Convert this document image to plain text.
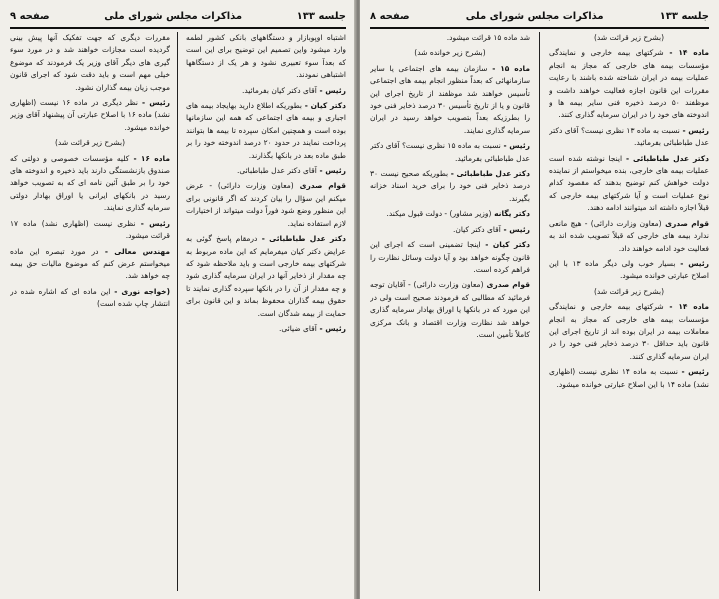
جلسه ۱۳۳
مذاکرات مجلس شورای ملی
صفحه ۹

اشتباه اوپوبازار و دستگاههای بانکی کشور لطمه وارد میشود واین تصمیم این توضیح برای این است که بعدآ سوء تعبیری نشود و هر یک از دستگاهها اشتباهی نمودند.

رئیس - آقای دکتر کیان بفرمائید.

دکتر کیان - بطوریکه اطلاع دارید بهایجاد بیمه های اجباری و بیمه های اجتماعی که همه این سازمانها بوده است و همچنین امکان سپرده تا بیمه ها بتوانند پرداخت نمایند در حدود ۲۰ درصد اندوخته خود را بر طبق ماده بعد در بانکها بگذارند.

رئیس - آقای دکتر عدل طباطبائی.

قوام صدری (معاون وزارت دارائی) - عرض میکنم این سؤال را بیان کردند که اگر قانونی برای این منظور وضع شود فوراً دولت میتواند از اختیارات لازم استفاده نماید.

دکتر عدل طباطبائی - درمقام پاسخ گوئی به عرایض دکتر کیان میفرمایم که این ماده مربوط به شرکتهای بیمه خارجی است و باید ملاحظه شود که چه مقدار از ذخایر آنها در ایران سرمایه گذاری شود و چه مقدار از آن را در بانکها سپرده گذاری نمایند تا حقوق بیمه گذاران محفوظ بماند و این قانون برای حمایت از بیمه شدگان است.

رئیس - آقای ضیائی.

مقررات دیگری که جهت تفکیک آنها پیش بینی گردیده است مجازات خواهند شد و در مورد سوء گیری های دیگر آقای وزیر یک فرمودند که موضوع خیلی مهم است و باید دقت شود که اجرای قانون موجب زیان بیمه گذاران نشود.

رئیس - نظر دیگری در ماده ۱۶ نیست (اظهاری نشد) ماده ۱۶ با اصلاح عبارتی آن پیشنهاد آقای وزیر خوانده میشود.

(بشرح زیر قرائت شد)

ماده ۱۶ - کلیه مؤسسات خصوصی و دولتی که صندوق بازنشستگی دارند باید ذخیره و اندوخته های خود را بر طبق آئین نامه ای که به تصویب خواهد رسید در بانکهای ایرانی یا اوراق بهادار دولتی سرمایه گذاری نمایند.

رئیس - نظری نیست (اظهاری نشد) ماده ۱۷ قرائت میشود.

مهندس معالی - در مورد تبصره این ماده میخواستم عرض کنم که موضوع مالیات حق بیمه چه خواهد شد.

(خواجه نوری - این ماده ای که اشاره شده در انتشار چاپ شده است)

جلسه ۱۳۳
مذاکرات مجلس شورای ملی
صفحه ۸

(بشرح زیر قرائت شد)

ماده ۱۴ - شرکتهای بیمه خارجی و نمایندگی مؤسسات بیمه های خارجی که مجاز به انجام عملیات بیمه در ایران شناخته شده باشند با رعایت مقررات این قانون اجازه فعالیت خواهند داشت و موظفند ۵۰ درصد ذخیره فنی سایر بیمه ها و اندوخته های خود را در ایران سرمایه گذاری کنند.

رئیس - نسبت به ماده ۱۳ نظری نیست؟ آقای دکتر عدل طباطبائی بفرمائید.

دکتر عدل طباطبائی - اینجا نوشته شده است عملیات بیمه های خارجی، بنده میخواستم از نماینده دولت خواهش کنم توضیح بدهند که مقصود کدام نوع عملیات است و آیا شرکتهای بیمه خارجی که قبلاً اجازه داشته اند میتوانند ادامه دهند.

قوام صدری (معاون وزارت دارائی) - هیچ مانعی ندارد بیمه های خارجی که قبلاً تصویب شده اند به فعالیت خود ادامه خواهند داد.

رئیس - بسیار خوب ولی دیگر ماده ۱۳ با این اصلاح عبارتی خوانده میشود.

(بشرح زیر قرائت شد)

ماده ۱۴ - شرکتهای بیمه خارجی و نمایندگی مؤسسات بیمه های خارجی که مجاز به انجام معاملات بیمه در ایران بوده اند از تاریخ اجرای این قانون باید حداقل ۳۰ درصد ذخایر فنی خود را در ایران سرمایه گذاری کنند.

رئیس - نسبت به ماده ۱۴ نظری نیست (اظهاری نشد) ماده ۱۴ با این اصلاح عبارتی خوانده میشود.

شد ماده ۱۵ قرائت میشود.

(بشرح زیر خوانده شد)

ماده ۱۵ - سازمان بیمه های اجتماعی یا سایر سازمانهائی که بعداً منظور انجام بیمه های اجتماعی تأسیس خواهند شد موظفند از تاریخ اجرای این قانون و یا از تاریخ تأسیس ۳۰ درصد ذخایر فنی خود را بطرزیکه بعداً بتصویب خواهد رسید در ایران سرمایه گذاری نمایند.

رئیس - نسبت به ماده ۱۵ نظری نیست؟ آقای دکتر عدل طباطبائی بفرمائید.

دکتر عدل طباطبائی - بطوریکه صحیح نیست ۳۰ درصد ذخایر فنی خود را برای خرید اسناد خزانه بگیرند.

دکتر یگانه (وزیر مشاور) - دولت قبول میکند.

رئیس - آقای دکتر کیان.

دکتر کیان - اینجا تضمینی است که اجرای این قانون چگونه خواهد بود و آیا دولت وسائل نظارت را فراهم کرده است.

قوام صدری (معاون وزارت دارائی) - آقایان توجه فرمائید که مطالبی که فرمودند صحیح است ولی در این مورد که در بانکها یا اوراق بهادار سرمایه گذاری خواهد شد نظارت وزارت اقتصاد و بانک مرکزی کاملاً تأمین است.
